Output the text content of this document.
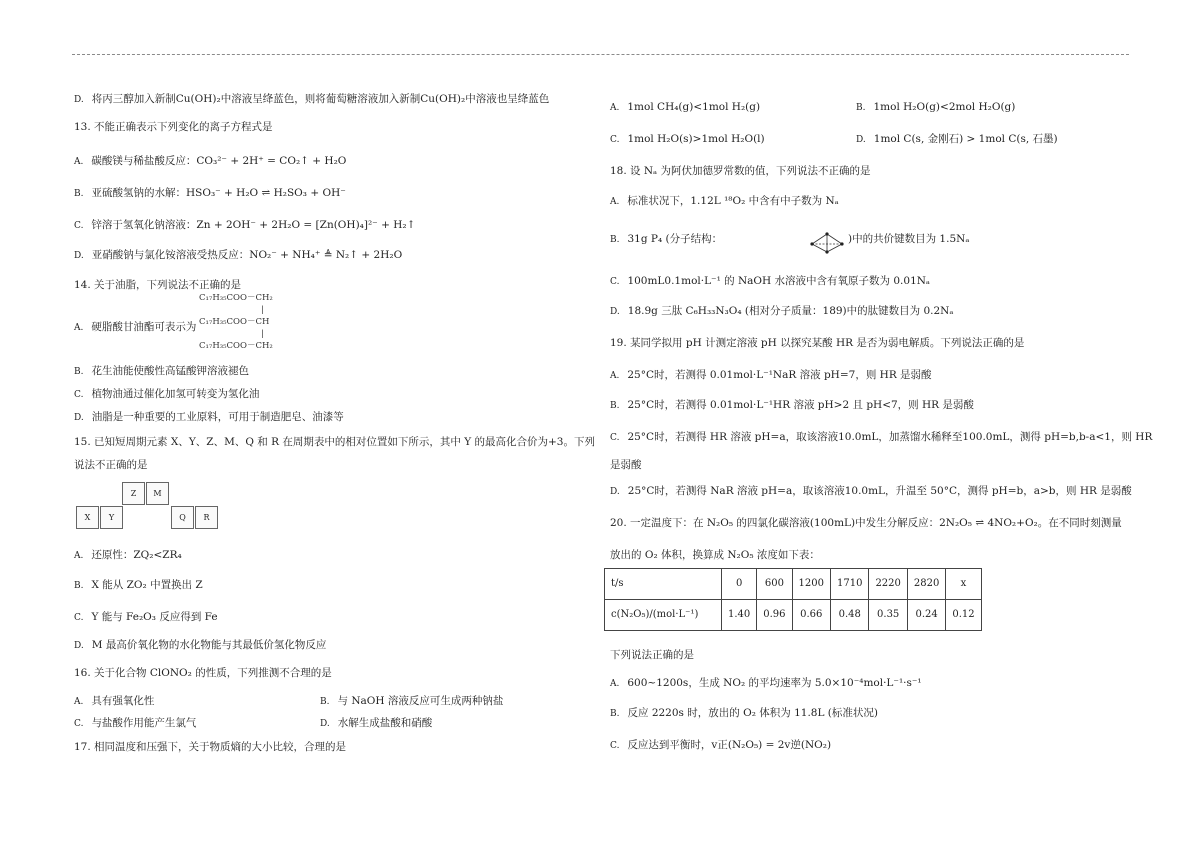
C₁₇H₃₅COO－CH₂
|
C₁₇H₃₅COO－CH
|
C₁₇H₃₅COO－CH₂
Z	M
X	Y	Q	R
D. 将丙三醇加入新制Cu(OH)₂中溶液呈绛蓝色，则将葡萄糖溶液加入新制Cu(OH)₂中溶液也呈绛蓝色
13. 不能正确表示下列变化的离子方程式是
A. 碳酸镁与稀盐酸反应：CO₃²⁻ + 2H⁺ = CO₂↑ + H₂O
B. 亚硫酸氢钠的水解：HSO₃⁻ + H₂O ⇌ H₂SO₃ + OH⁻
C. 锌溶于氢氧化钠溶液：Zn + 2OH⁻ + 2H₂O = [Zn(OH)₄]²⁻ + H₂↑
D. 亚硝酸钠与氯化铵溶液受热反应：NO₂⁻ + NH₄⁺ ≜ N₂↑ + 2H₂O
14. 关于油脂，下列说法不正确的是
A. 硬脂酸甘油酯可表示为
B. 花生油能使酸性高锰酸钾溶液褪色
C. 植物油通过催化加氢可转变为氢化油
D. 油脂是一种重要的工业原料，可用于制造肥皂、油漆等
15. 已知短周期元素 X、Y、Z、M、Q 和 R 在周期表中的相对位置如下所示，其中 Y 的最高化合价为+3。下列
说法不正确的是
A. 还原性：ZQ₂<ZR₄
B. X 能从 ZO₂ 中置换出 Z
C. Y 能与 Fe₂O₃ 反应得到 Fe
D. M 最高价氧化物的水化物能与其最低价氢化物反应
16. 关于化合物 ClONO₂ 的性质，下列推测不合理的是
17. 相同温度和压强下，关于物质熵的大小比较，合理的是
A. 具有强氧化性	B. 与 NaOH 溶液反应可生成两种钠盐
C. 与盐酸作用能产生氯气	D. 水解生成盐酸和硝酸
)中的共价键数目为 1.5Nₐ
t/s	0	600	1200	1710	2220	2820	x
c(N₂O₅)/(mol·L⁻¹)	1.40	0.96	0.66	0.48	0.35	0.24	0.12
A. 1mol CH₄(g)<1mol H₂(g)	B. 1mol H₂O(g)<2mol H₂O(g)
D. 1mol C(s, 金刚石) > 1mol C(s, 石墨)
C. 1mol H₂O(s)>1mol H₂O(l)
18. 设 Nₐ 为阿伏加德罗常数的值，下列说法不正确的是
A. 标准状况下，1.12L ¹⁸O₂ 中含有中子数为 Nₐ
B. 31g P₄ (分子结构：
C. 100mL0.1mol·L⁻¹ 的 NaOH 水溶液中含有氧原子数为 0.01Nₐ
D. 18.9g 三肽 C₆H₃₃N₃O₄ (相对分子质量：189)中的肽键数目为 0.2Nₐ
19. 某同学拟用 pH 计测定溶液 pH 以探究某酸 HR 是否为弱电解质。下列说法正确的是
A. 25°C时，若测得 0.01mol·L⁻¹NaR 溶液 pH=7，则 HR 是弱酸
B. 25°C时，若测得 0.01mol·L⁻¹HR 溶液 pH>2 且 pH<7，则 HR 是弱酸
C. 25°C时，若测得 HR 溶液 pH=a，取该溶液10.0mL，加蒸馏水稀释至100.0mL，测得 pH=b,b-a<1，则 HR
是弱酸
D. 25°C时，若测得 NaR 溶液 pH=a，取该溶液10.0mL，升温至 50°C，测得 pH=b，a>b，则 HR 是弱酸
20. 一定温度下：在 N₂O₅ 的四氯化碳溶液(100mL)中发生分解反应：2N₂O₅ ⇌ 4NO₂+O₂。在不同时刻测量
放出的 O₂ 体积，换算成 N₂O₅ 浓度如下表：
下列说法正确的是
A. 600~1200s，生成 NO₂ 的平均速率为 5.0×10⁻⁴mol·L⁻¹·s⁻¹
B. 反应 2220s 时，放出的 O₂ 体积为 11.8L (标准状况)
C. 反应达到平衡时，v正(N₂O₅) = 2v逆(NO₂)
